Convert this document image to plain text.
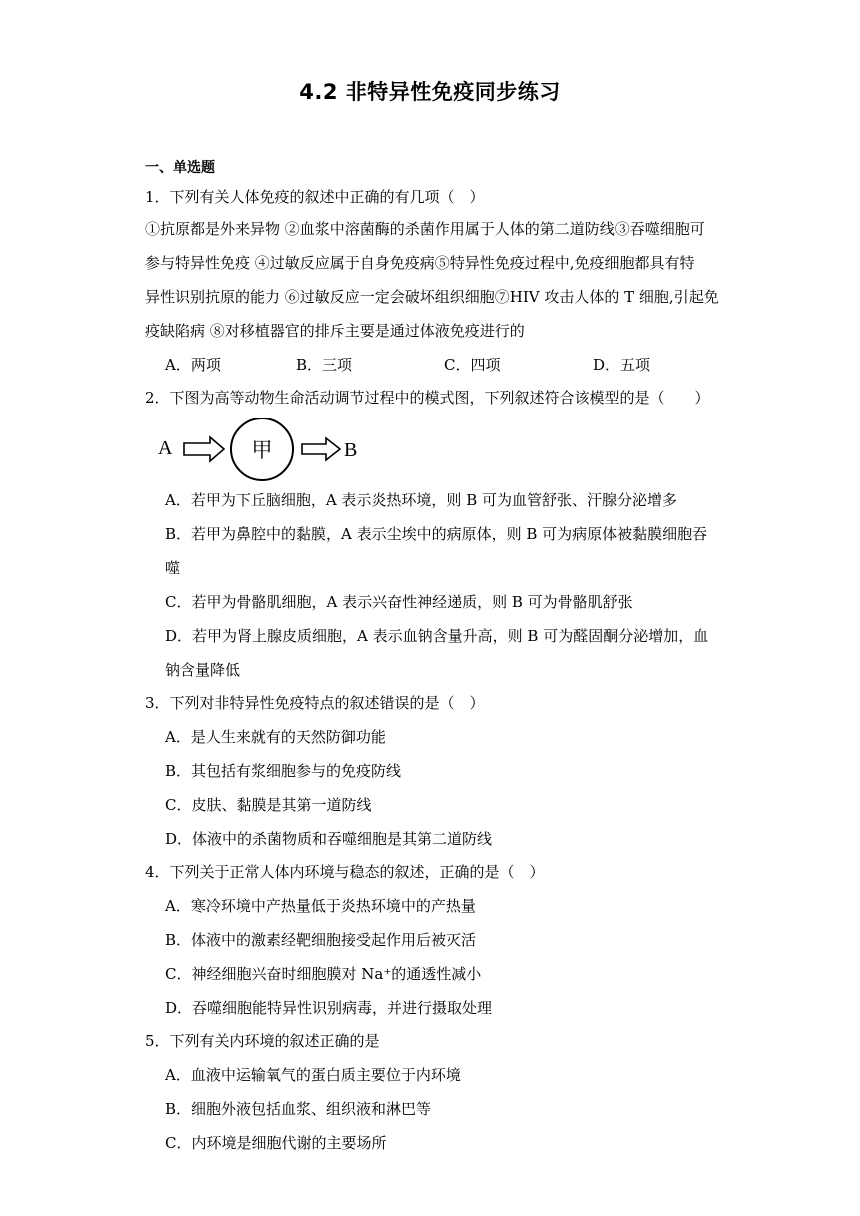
4.2 非特异性免疫同步练习
一、单选题
1．下列有关人体免疫的叙述中正确的有几项（　）
①抗原都是外来异物 ②血浆中溶菌酶的杀菌作用属于人体的第二道防线③吞噬细胞可
参与特异性免疫 ④过敏反应属于自身免疫病⑤特异性免疫过程中,免疫细胞都具有特
异性识别抗原的能力 ⑥过敏反应一定会破坏组织细胞⑦HIV 攻击人体的 T 细胞,引起免
疫缺陷病 ⑧对移植器官的排斥主要是通过体液免疫进行的
A．两项	B．三项	C．四项	D．五项
2．下图为高等动物生命活动调节过程中的模式图，下列叙述符合该模型的是（　　）
A	甲	B
A．若甲为下丘脑细胞，A 表示炎热环境，则 B 可为血管舒张、汗腺分泌增多
B．若甲为鼻腔中的黏膜，A 表示尘埃中的病原体，则 B 可为病原体被黏膜细胞吞
噬
C．若甲为骨骼肌细胞，A 表示兴奋性神经递质，则 B 可为骨骼肌舒张
D．若甲为肾上腺皮质细胞，A 表示血钠含量升高，则 B 可为醛固酮分泌增加，血
钠含量降低
3．下列对非特异性免疫特点的叙述错误的是（　）
A．是人生来就有的天然防御功能
B．其包括有浆细胞参与的免疫防线
C．皮肤、黏膜是其第一道防线
D．体液中的杀菌物质和吞噬细胞是其第二道防线
4．下列关于正常人体内环境与稳态的叙述，正确的是（　）
A．寒冷环境中产热量低于炎热环境中的产热量
B．体液中的激素经靶细胞接受起作用后被灭活
C．神经细胞兴奋时细胞膜对 Na⁺的通透性减小
D．吞噬细胞能特异性识别病毒，并进行摄取处理
5．下列有关内环境的叙述正确的是
A．血液中运输氧气的蛋白质主要位于内环境
B．细胞外液包括血浆、组织液和淋巴等
C．内环境是细胞代谢的主要场所
